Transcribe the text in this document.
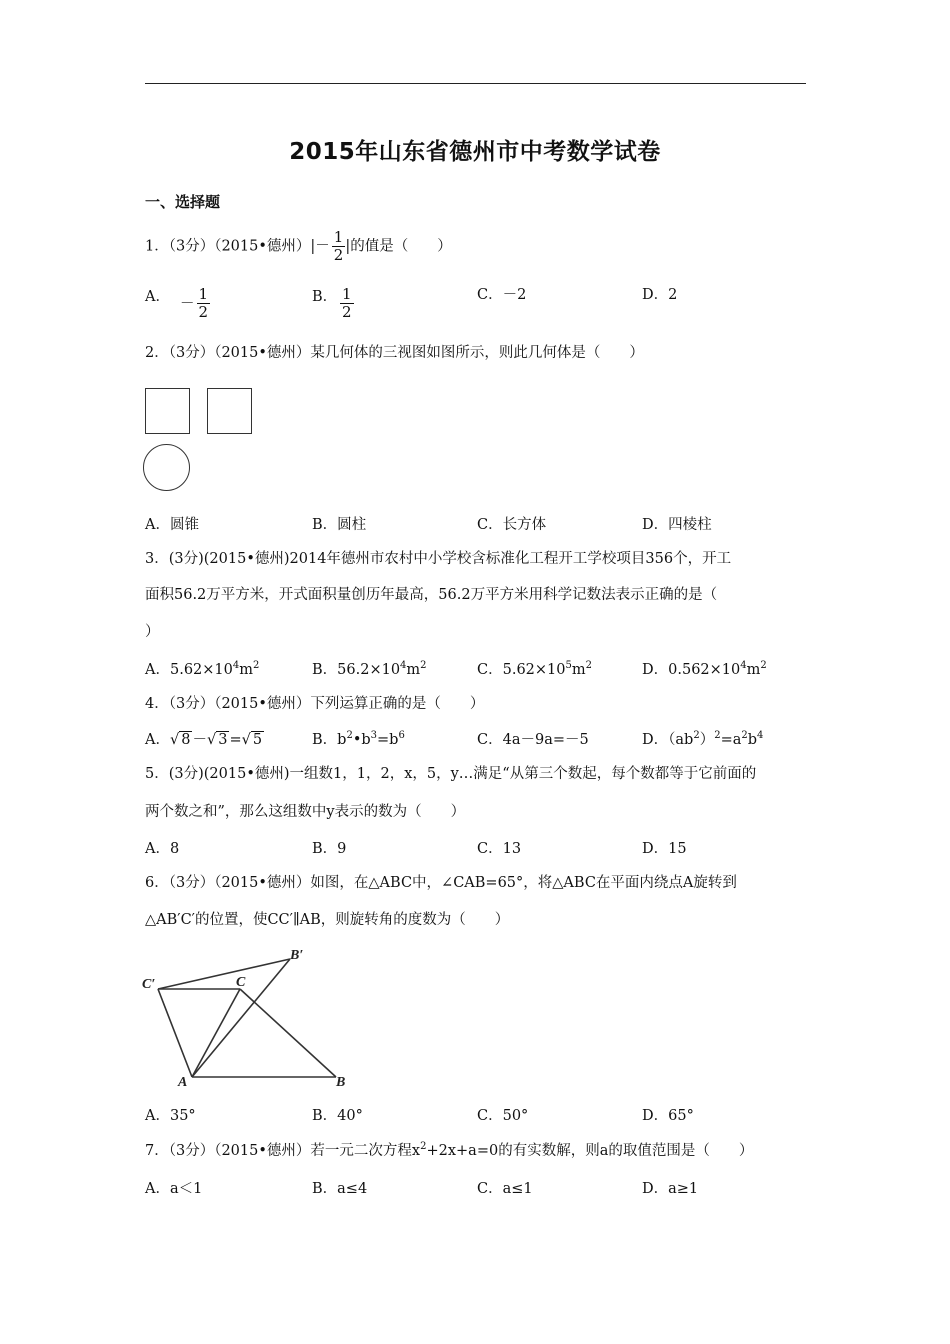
2015年山东省德州市中考数学试卷
一、选择题
1．（3分）（2015•德州）|－ $\frac{1}{2}$ |的值是（　　）
A． － $\frac{1}{2}$	B． $\frac{1}{2}$	C．－2	D．2
2．（3分）（2015•德州）某几何体的三视图如图所示，则此几何体是（　　）
A．圆锥	B．圆柱	C．长方体	D．四棱柱
3．(3分)(2015•德州)2014年德州市农村中小学校含标准化工程开工学校项目356个，开工
面积56.2万平方米，开式面积量创历年最高，56.2万平方米用科学记数法表示正确的是（
）
A．$5.62\times 10^4m^2$	B．$56.2\times 10^4m^2$	C．$5.62\times 10^5m^2$	D．$0.562\times 10^4m^2$
4．（3分）（2015•德州）下列运算正确的是（　　）
A．√ 8 －√ 3 =√ 5	B．$b^2•b^3=b^6$	C．4a－9a=－5	D．$(ab^2)^2=a^2b^4$
5．(3分)(2015•德州)一组数1，1，2，x，5，y…满足“从第三个数起，每个数都等于它前面的
两个数之和”，那么这组数中y表示的数为（　　）
A．8	B．9	C．13	D．15
6．（3分）（2015•德州）如图，在△ABC中，∠CAB=65°，将△ABC在平面内绕点A旋转到
△AB′C′的位置，使CC′∥AB，则旋转角的度数为（　　）
C′	C
B′
A	B
A．35°	B．40°	C．50°	D．65°
7．（3分）（2015•德州）若一元二次方程$x^2+2x+a=0$的有实数解，则a的取值范围是（　　）
A．a＜1	B．a≤4	C．a≤1	D．a≥1
